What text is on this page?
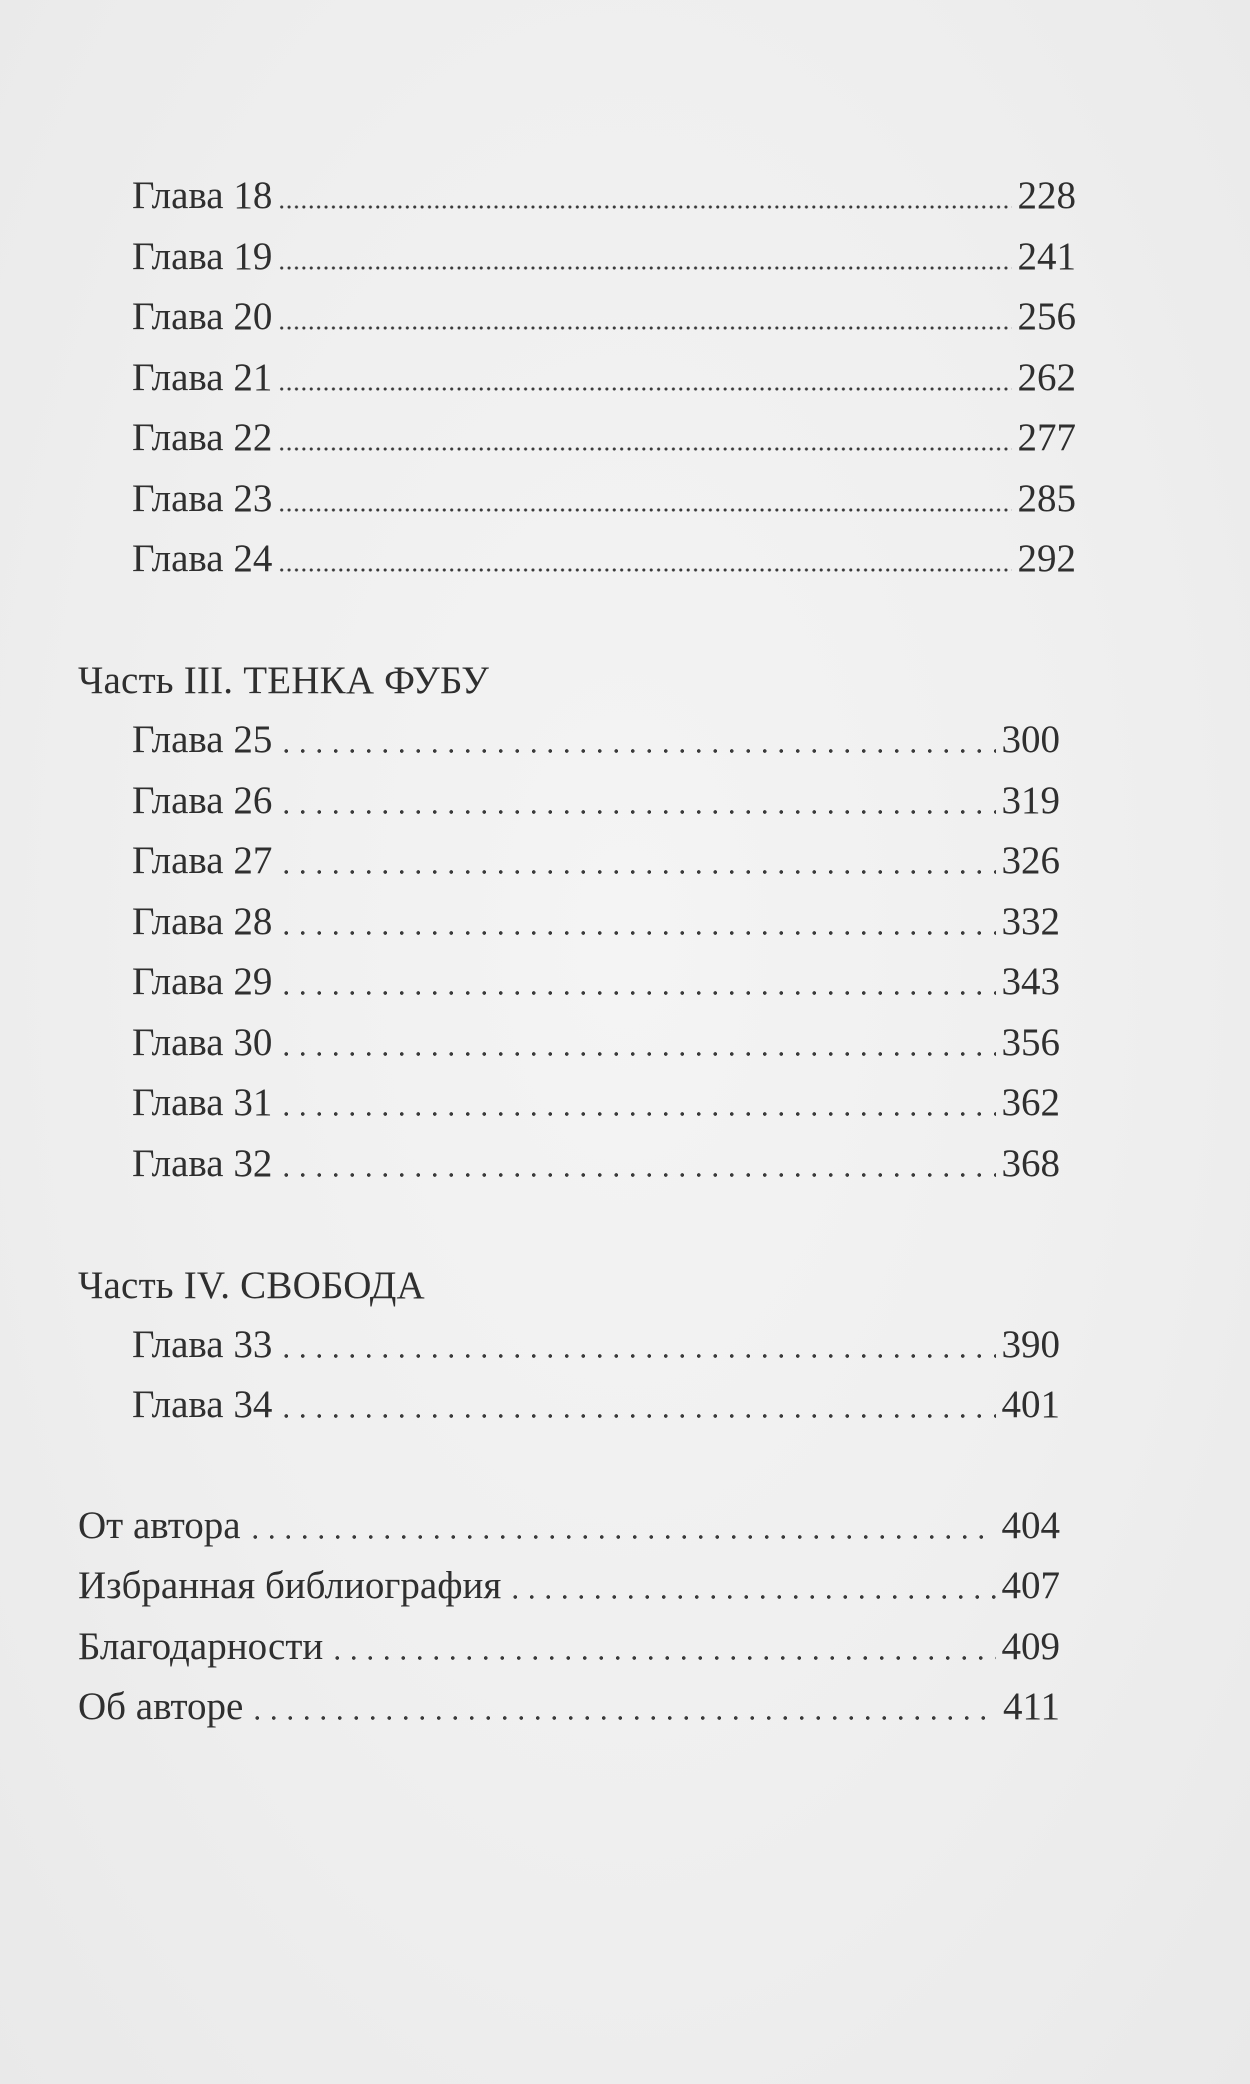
Глава 18	228
Глава 19	241
Глава 20	256
Глава 21	262
Глава 22	277
Глава 23	285
Глава 24	292
Часть III. ТЕНКА ФУБУ
Глава 25	300
Глава 26	319
Глава 27	326
Глава 28	332
Глава 29	343
Глава 30	356
Глава 31	362
Глава 32	368
Часть IV. СВОБОДА
Глава 33	390
Глава 34	401
От автора	404
Избранная библиография	407
Благодарности	409
Об авторе	411
